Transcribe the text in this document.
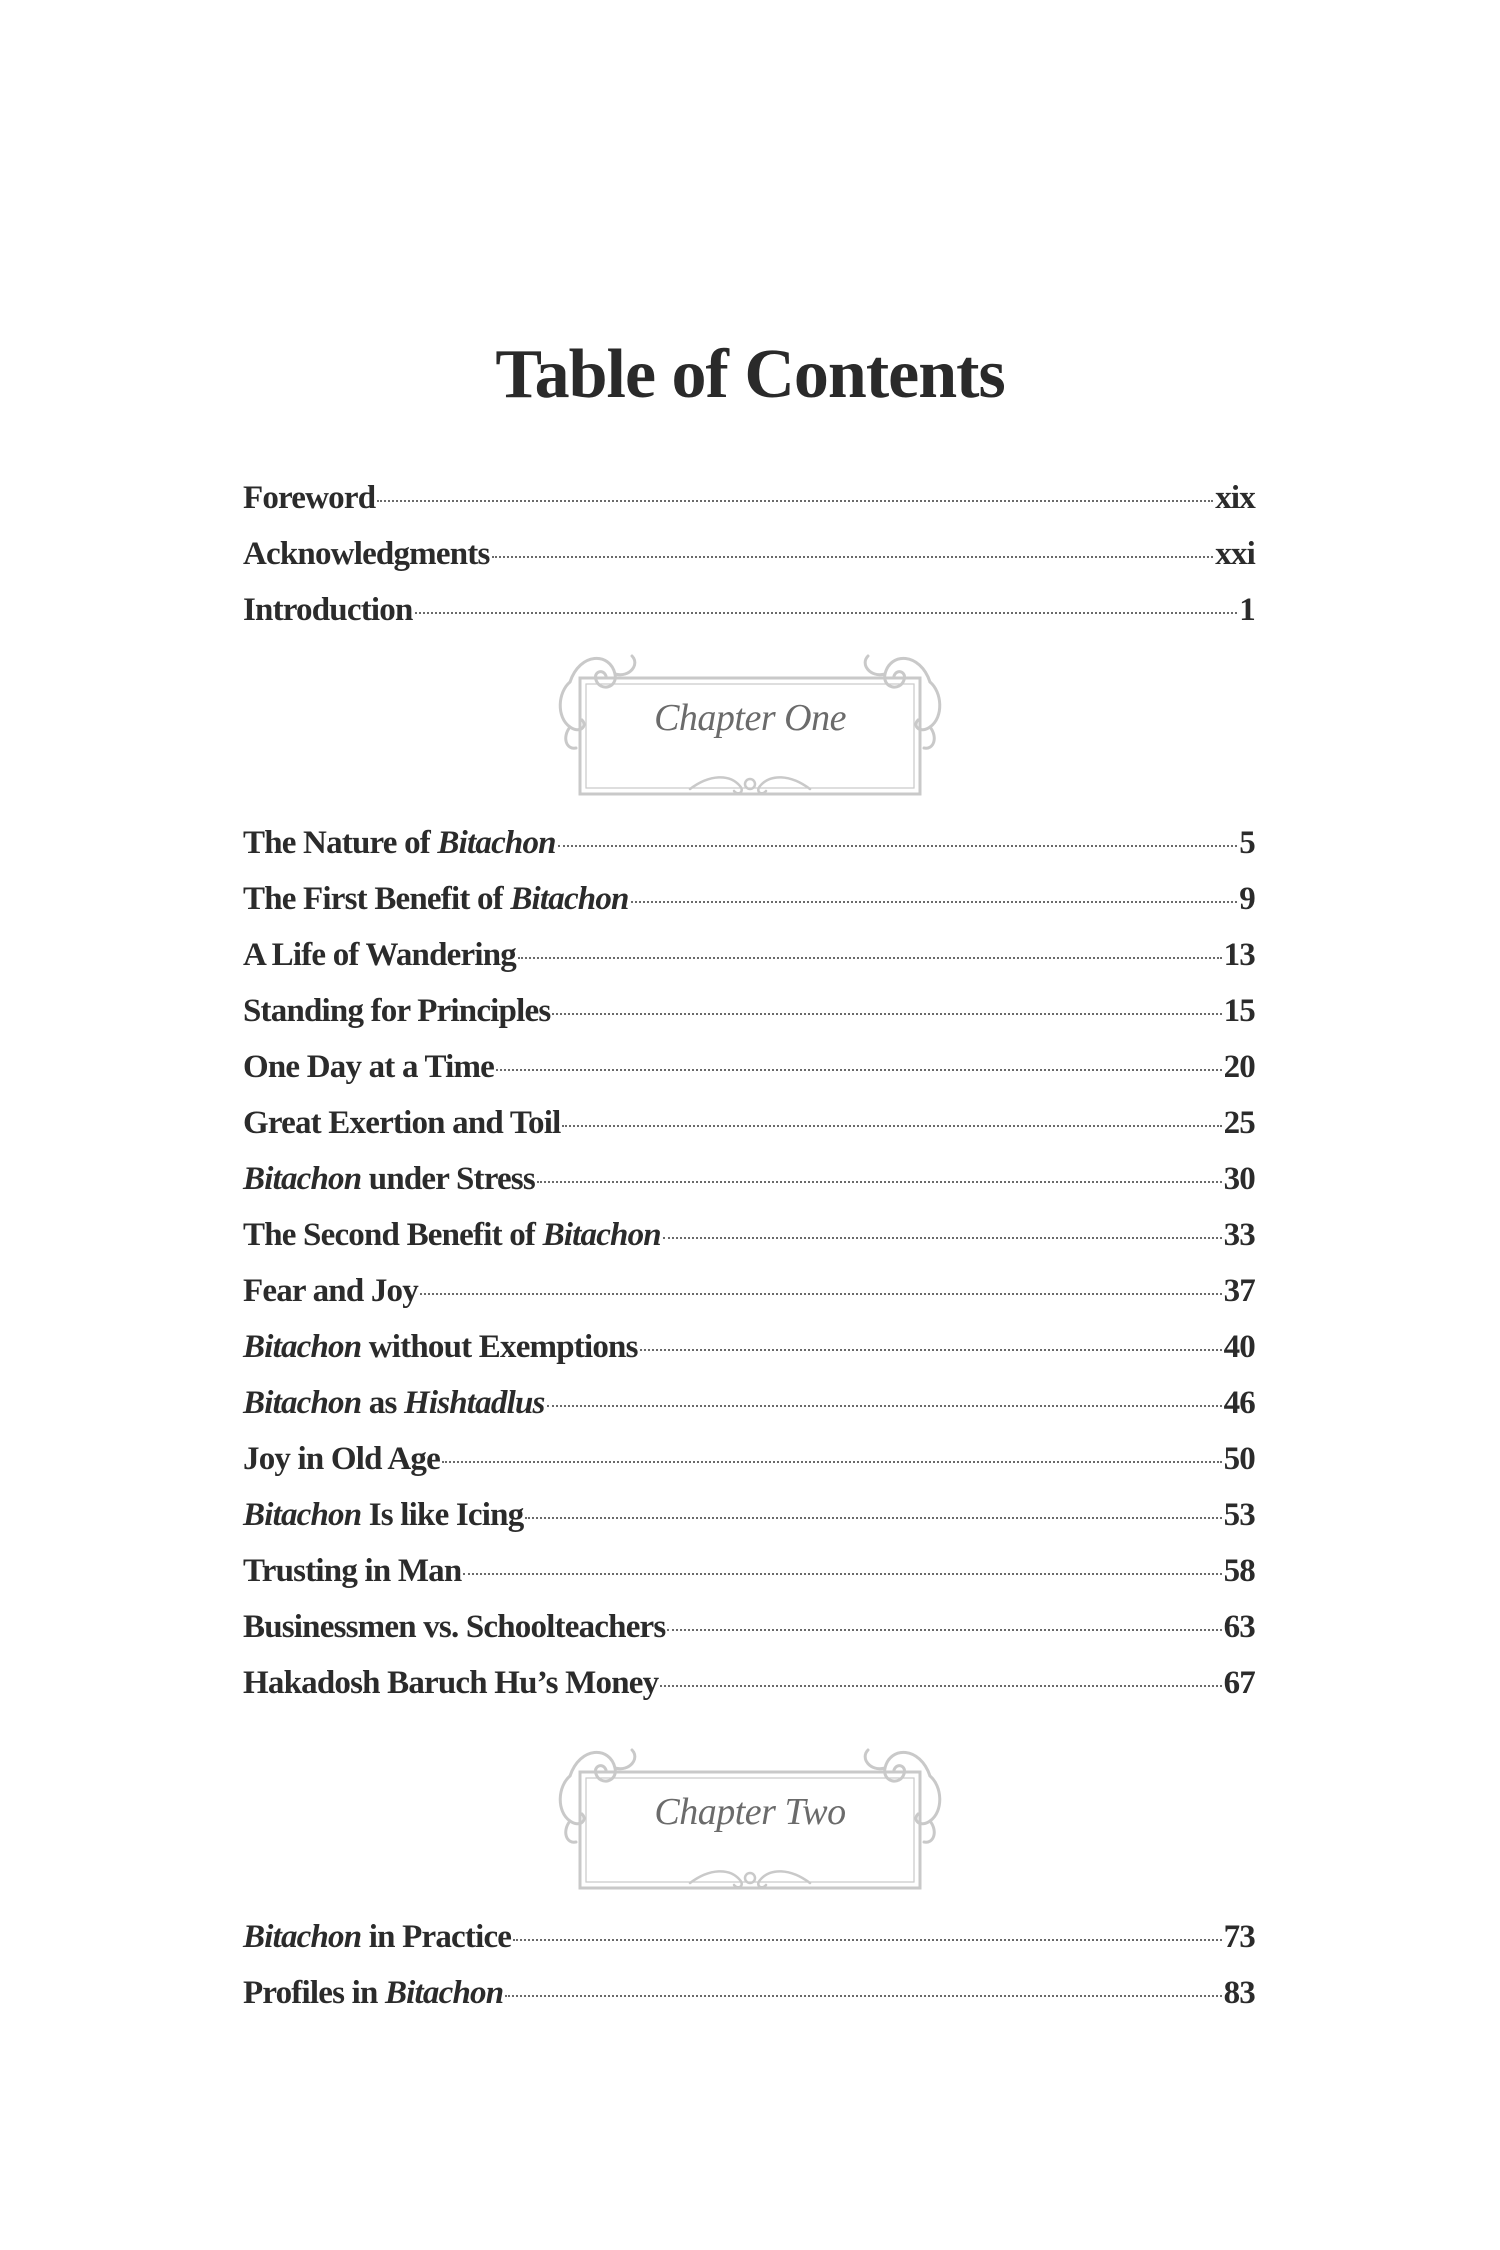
Table of Contents
Foreword	xix
Acknowledgments	xxi
Introduction	1
Chapter One
The Nature of Bitachon	5
The First Benefit of Bitachon	9
A Life of Wandering	13
Standing for Principles	15
One Day at a Time	20
Great Exertion and Toil	25
Bitachon under Stress	30
The Second Benefit of Bitachon	33
Fear and Joy	37
Bitachon without Exemptions	40
Bitachon as Hishtadlus	46
Joy in Old Age	50
Bitachon Is like Icing	53
Trusting in Man	58
Businessmen vs. Schoolteachers	63
Hakadosh Baruch Hu’s Money	67
Chapter Two
Bitachon in Practice	73
Profiles in Bitachon	83
